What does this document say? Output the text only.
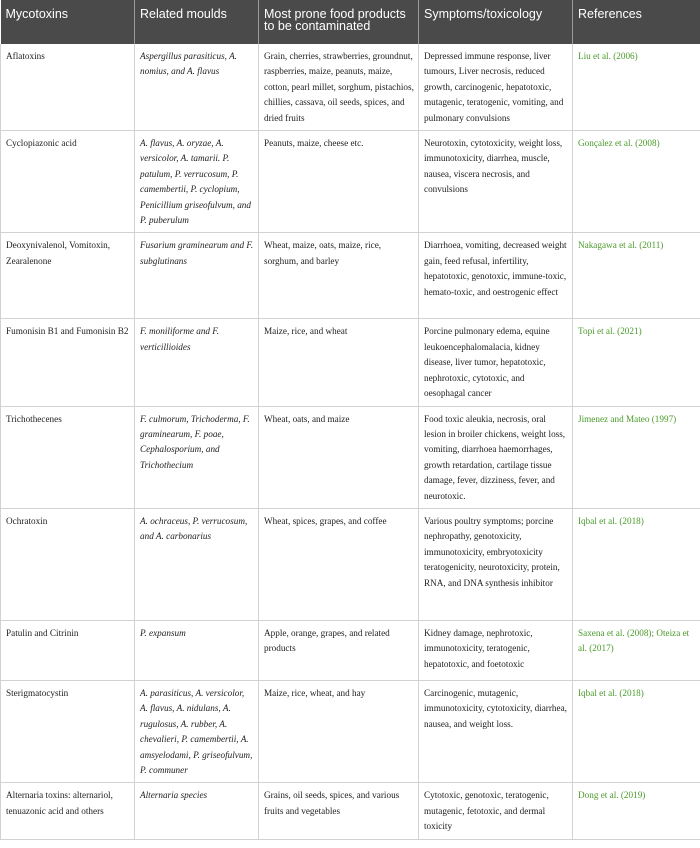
Mycotoxins	Related moulds	Most prone food products to be contaminated	Symptoms/toxicology	References
Aflatoxins	Aspergillus parasiticus, A. nomius, and A. flavus	Grain, cherries, strawberries, groundnut, raspberries, maize, peanuts, maize, cotton, pearl millet, sorghum, pistachios, chillies, cassava, oil seeds, spices, and dried fruits	Depressed immune response, liver tumours, Liver necrosis, reduced growth, carcinogenic, hepatotoxic, mutagenic, teratogenic, vomiting, and pulmonary convulsions	Liu et al. (2006)
Cyclopiazonic acid	A. flavus, A. oryzae, A. versicolor, A. tamarii. P. patulum, P. verrucosum, P. camembertii, P. cyclopium, Penicillium griseofulvum, and P. puberulum	Peanuts, maize, cheese etc.	Neurotoxin, cytotoxicity, weight loss, immunotoxicity, diarrhea, muscle, nausea, viscera necrosis, and convulsions	Gonçalez et al. (2008)
Deoxynivalenol, Vomitoxin, Zearalenone	Fusarium graminearum and F. subglutinans	Wheat, maize, oats, maize, rice, sorghum, and barley	Diarrhoea, vomiting, decreased weight gain, feed refusal, infertility, hepatotoxic, genotoxic, immune-toxic, hemato-toxic, and oestrogenic effect	Nakagawa et al. (2011)
Fumonisin B1 and Fumonisin B2	F. moniliforme and F. verticillioides	Maize, rice, and wheat	Porcine pulmonary edema, equine leukoencephalomalacia, kidney disease, liver tumor, hepatotoxic, nephrotoxic, cytotoxic, and oesophagal cancer	Topi et al. (2021)
Trichothecenes	F. culmorum, Trichoderma, F. graminearum, F. poae, Cephalosporium, and Trichothecium	Wheat, oats, and maize	Food toxic aleukia, necrosis, oral lesion in broiler chickens, weight loss, vomiting, diarrhoea haemorrhages, growth retardation, cartilage tissue damage, fever, dizziness, fever, and neurotoxic.	Jimenez and Mateo (1997)
Ochratoxin	A. ochraceus, P. verrucosum, and A. carbonarius	Wheat, spices, grapes, and coffee	Various poultry symptoms; porcine nephropathy, genotoxicity, immunotoxicity, embryotoxicity teratogenicity, neurotoxicity, protein, RNA, and DNA synthesis inhibitor	Iqbal et al. (2018)
Patulin and Citrinin	P. expansum	Apple, orange, grapes, and related products	Kidney damage, nephrotoxic, immunotoxicity, teratogenic, hepatotoxic, and foetotoxic	Saxena et al. (2008); Oteiza et al. (2017)
Sterigmatocystin	A. parasiticus, A. versicolor, A. flavus, A. nidulans, A. rugulosus, A. rubber, A. chevalieri, P. camembertii, A. amsyelodami, P. griseofulvum, P. communer	Maize, rice, wheat, and hay	Carcinogenic, mutagenic, immunotoxicity, cytotoxicity, diarrhea, nausea, and weight loss.	Iqbal et al. (2018)
Alternaria toxins: alternariol, tenuazonic acid and others	Alternaria species	Grains, oil seeds, spices, and various fruits and vegetables	Cytotoxic, genotoxic, teratogenic, mutagenic, fetotoxic, and dermal toxicity	Dong et al. (2019)
